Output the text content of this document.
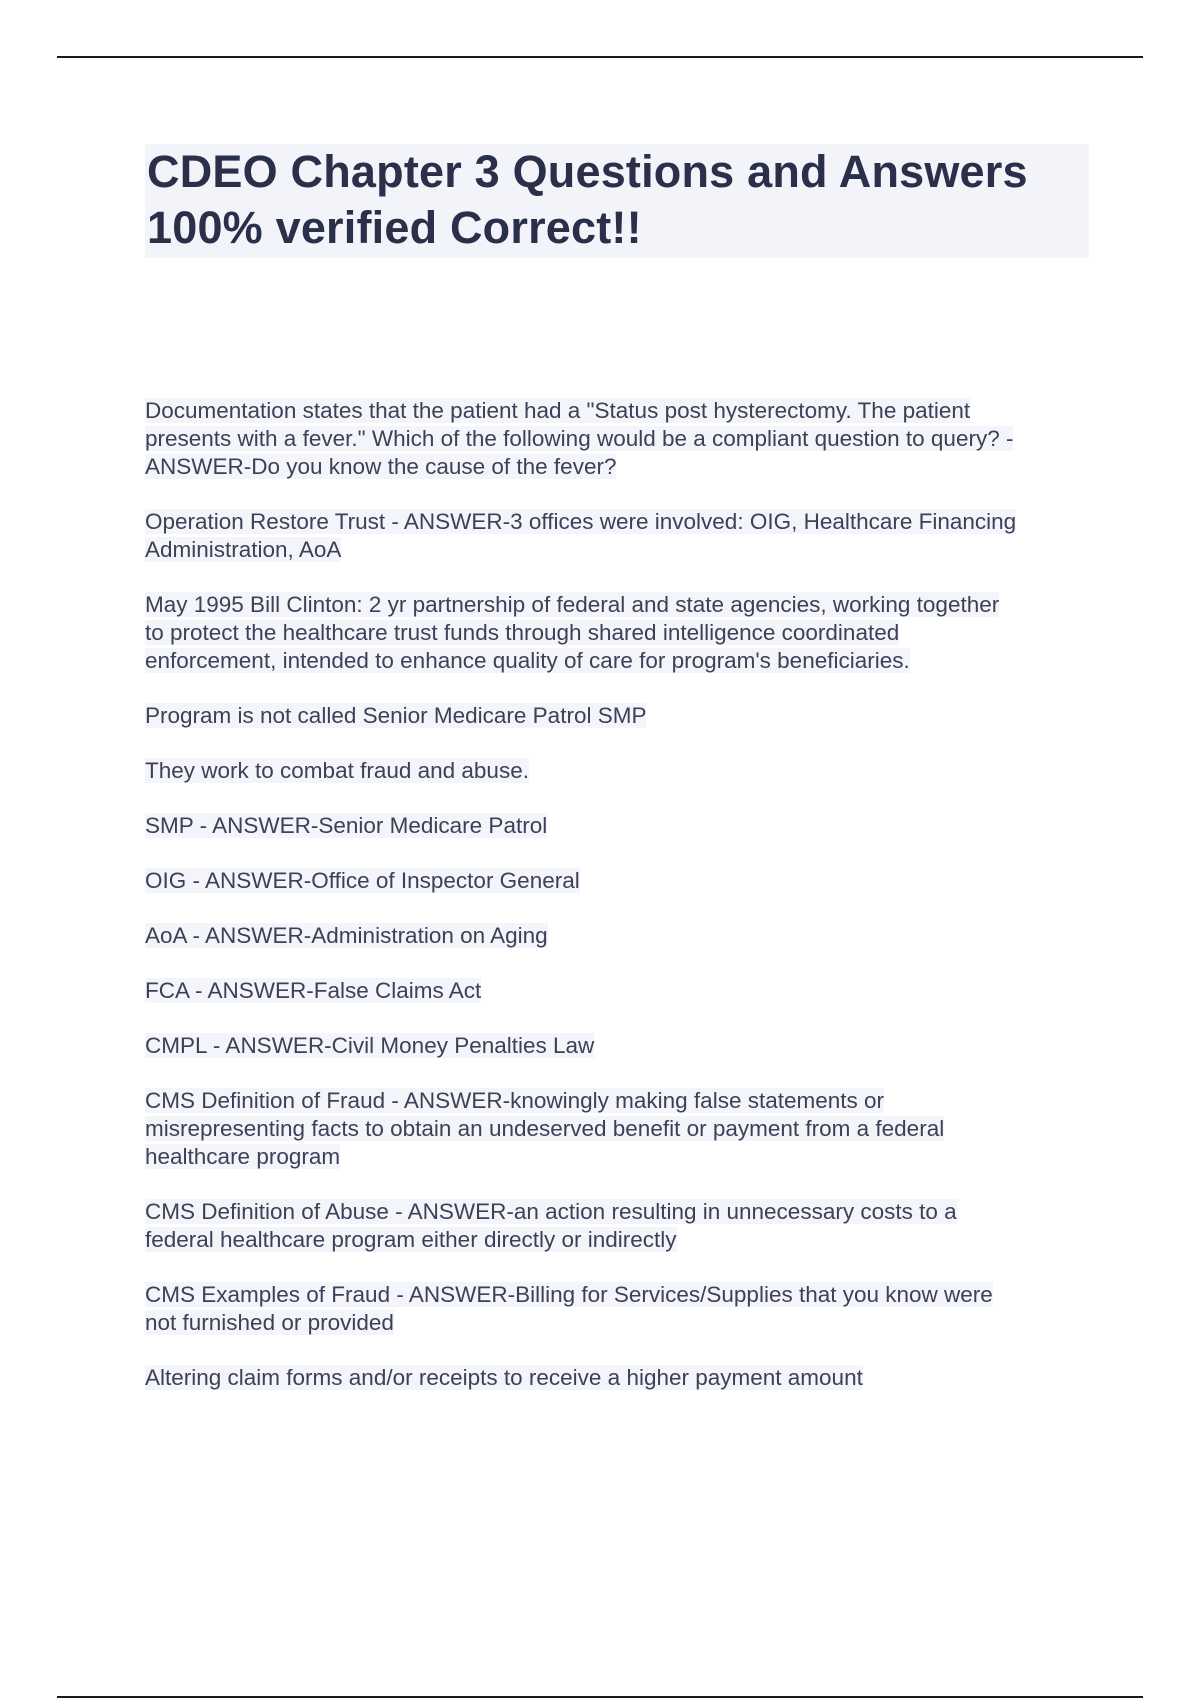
CDEO Chapter 3 Questions and Answers 100% verified Correct!!

Documentation states that the patient had a "Status post hysterectomy. The patient
presents with a fever." Which of the following would be a compliant question to query? -
ANSWER-Do you know the cause of the fever?

Operation Restore Trust - ANSWER-3 offices were involved: OIG, Healthcare Financing
Administration, AoA

May 1995 Bill Clinton: 2 yr partnership of federal and state agencies, working together
to protect the healthcare trust funds through shared intelligence coordinated
enforcement, intended to enhance quality of care for program's beneficiaries.

Program is not called Senior Medicare Patrol SMP

They work to combat fraud and abuse.

SMP - ANSWER-Senior Medicare Patrol

OIG - ANSWER-Office of Inspector General

AoA - ANSWER-Administration on Aging

FCA - ANSWER-False Claims Act

CMPL - ANSWER-Civil Money Penalties Law

CMS Definition of Fraud - ANSWER-knowingly making false statements or
misrepresenting facts to obtain an undeserved benefit or payment from a federal
healthcare program

CMS Definition of Abuse - ANSWER-an action resulting in unnecessary costs to a
federal healthcare program either directly or indirectly

CMS Examples of Fraud - ANSWER-Billing for Services/Supplies that you know were
not furnished or provided

Altering claim forms and/or receipts to receive a higher payment amount
